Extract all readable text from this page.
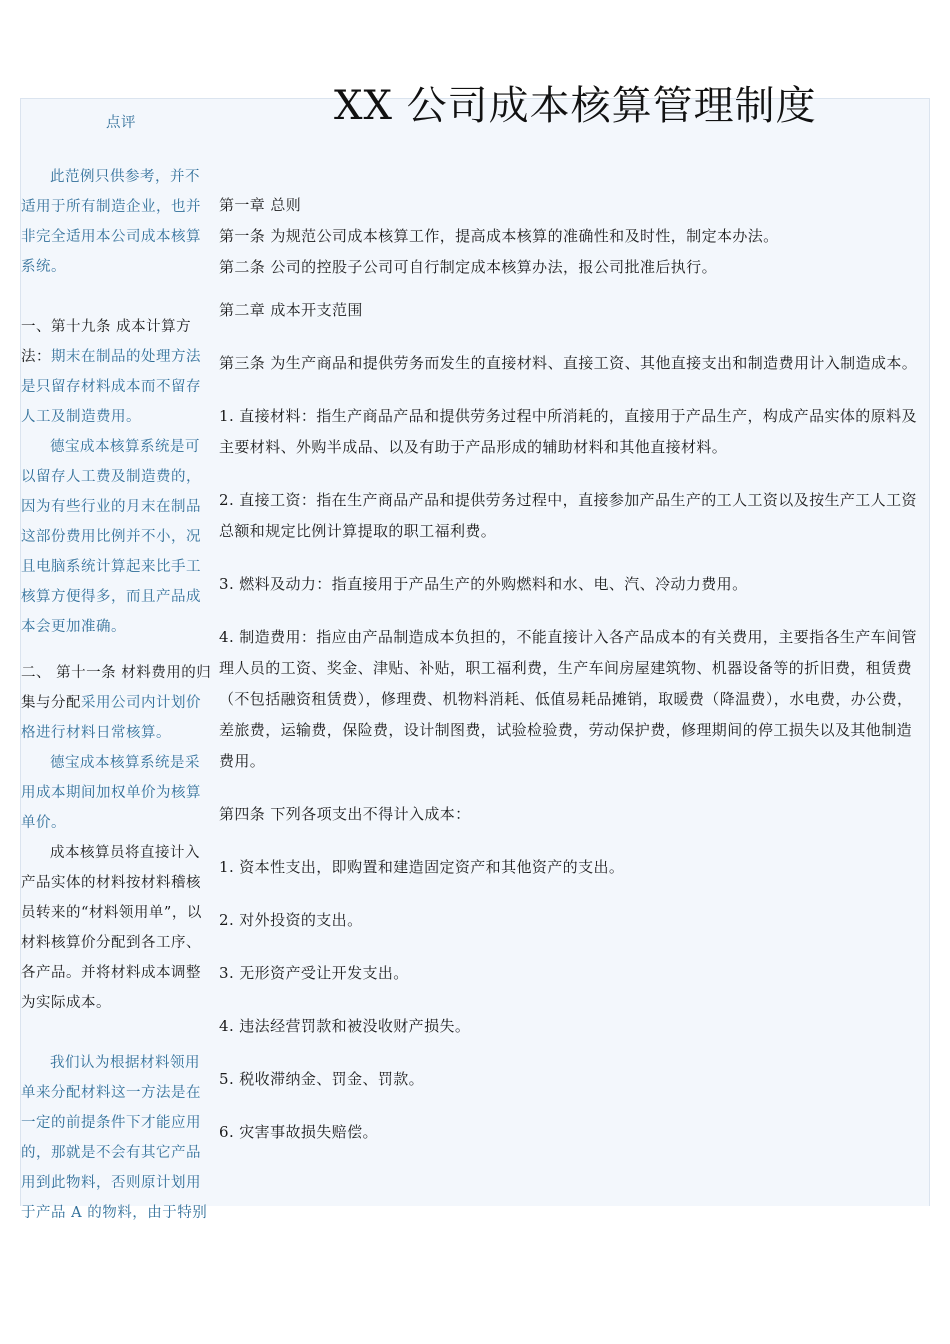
XX 公司成本核算管理制度

点评

此范例只供参考，并不适用于所有制造企业，也并非完全适用本公司成本核算系统。

一、第十九条 成本计算方法：期末在制品的处理方法是只留存材料成本而不留存人工及制造费用。

德宝成本核算系统是可以留存人工费及制造费的，因为有些行业的月末在制品这部份费用比例并不小，况且电脑系统计算起来比手工核算方便得多，而且产品成本会更加准确。

二、 第十一条 材料费用的归集与分配采用公司内计划价格进行材料日常核算。

德宝成本核算系统是采用成本期间加权单价为核算单价。

成本核算员将直接计入产品实体的材料按材料稽核员转来的“材料领用单”，以材料核算价分配到各工序、各产品。并将材料成本调整为实际成本。

我们认为根据材料领用单来分配材料这一方法是在一定的前提条件下才能应用的，那就是不会有其它产品用到此物料，否则原计划用于产品 A 的物料，由于特别

第一章 总则

第一条 为规范公司成本核算工作，提高成本核算的准确性和及时性，制定本办法。

第二条 公司的控股子公司可自行制定成本核算办法，报公司批准后执行。

第二章 成本开支范围

第三条 为生产商品和提供劳务而发生的直接材料、直接工资、其他直接支出和制造费用计入制造成本。

1. 直接材料：指生产商品产品和提供劳务过程中所消耗的，直接用于产品生产，构成产品实体的原料及主要材料、外购半成品、以及有助于产品形成的辅助材料和其他直接材料。

2. 直接工资：指在生产商品产品和提供劳务过程中，直接参加产品生产的工人工资以及按生产工人工资总额和规定比例计算提取的职工福利费。

3. 燃料及动力：指直接用于产品生产的外购燃料和水、电、汽、冷动力费用。

4. 制造费用：指应由产品制造成本负担的，不能直接计入各产品成本的有关费用，主要指各生产车间管理人员的工资、奖金、津贴、补贴，职工福利费，生产车间房屋建筑物、机器设备等的折旧费，租赁费（不包括融资租赁费），修理费、机物料消耗、低值易耗品摊销，取暖费（降温费），水电费，办公费，差旅费，运输费，保险费，设计制图费，试验检验费，劳动保护费，修理期间的停工损失以及其他制造费用。

第四条 下列各项支出不得计入成本：

1. 资本性支出，即购置和建造固定资产和其他资产的支出。

2. 对外投资的支出。

3. 无形资产受让开发支出。

4. 违法经营罚款和被没收财产损失。

5. 税收滞纳金、罚金、罚款。

6. 灾害事故损失赔偿。
